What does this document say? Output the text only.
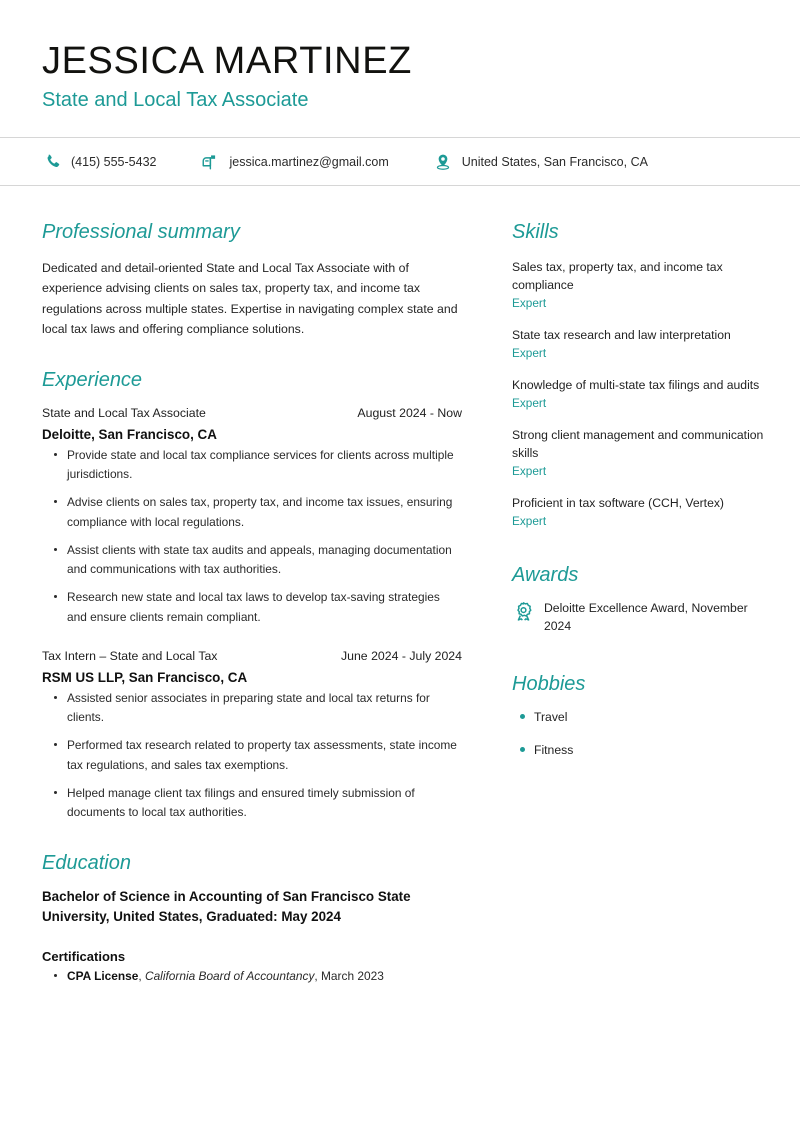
JESSICA MARTINEZ
State and Local Tax Associate
(415) 555-5432	jessica.martinez@gmail.com	United States, San Francisco, CA
Professional summary

Dedicated and detail-oriented State and Local Tax Associate with of experience advising clients on sales tax, property tax, and income tax regulations across multiple states. Expertise in navigating complex state and local tax laws and offering compliance solutions.

Experience
State and Local Tax Associate	August 2024 - Now
Deloitte, San Francisco, CA
Provide state and local tax compliance services for clients across multiple jurisdictions.
Advise clients on sales tax, property tax, and income tax issues, ensuring compliance with local regulations.
Assist clients with state tax audits and appeals, managing documentation and communications with tax authorities.
Research new state and local tax laws to develop tax-saving strategies and ensure clients remain compliant.
Tax Intern – State and Local Tax	June 2024 - July 2024
RSM US LLP, San Francisco, CA
Assisted senior associates in preparing state and local tax returns for clients.
Performed tax research related to property tax assessments, state income tax regulations, and sales tax exemptions.
Helped manage client tax filings and ensured timely submission of documents to local tax authorities.
Education

Bachelor of Science in Accounting of San Francisco State University, United States, Graduated: May 2024

Certifications
CPA License, California Board of Accountancy, March 2023
Skills
Sales tax, property tax, and income tax compliance
Expert
State tax research and law interpretation
Expert
Knowledge of multi-state tax filings and audits
Expert
Strong client management and communication skills
Expert
Proficient in tax software (CCH, Vertex)
Expert
Awards
Deloitte Excellence Award, November 2024
Hobbies
Travel
Fitness
